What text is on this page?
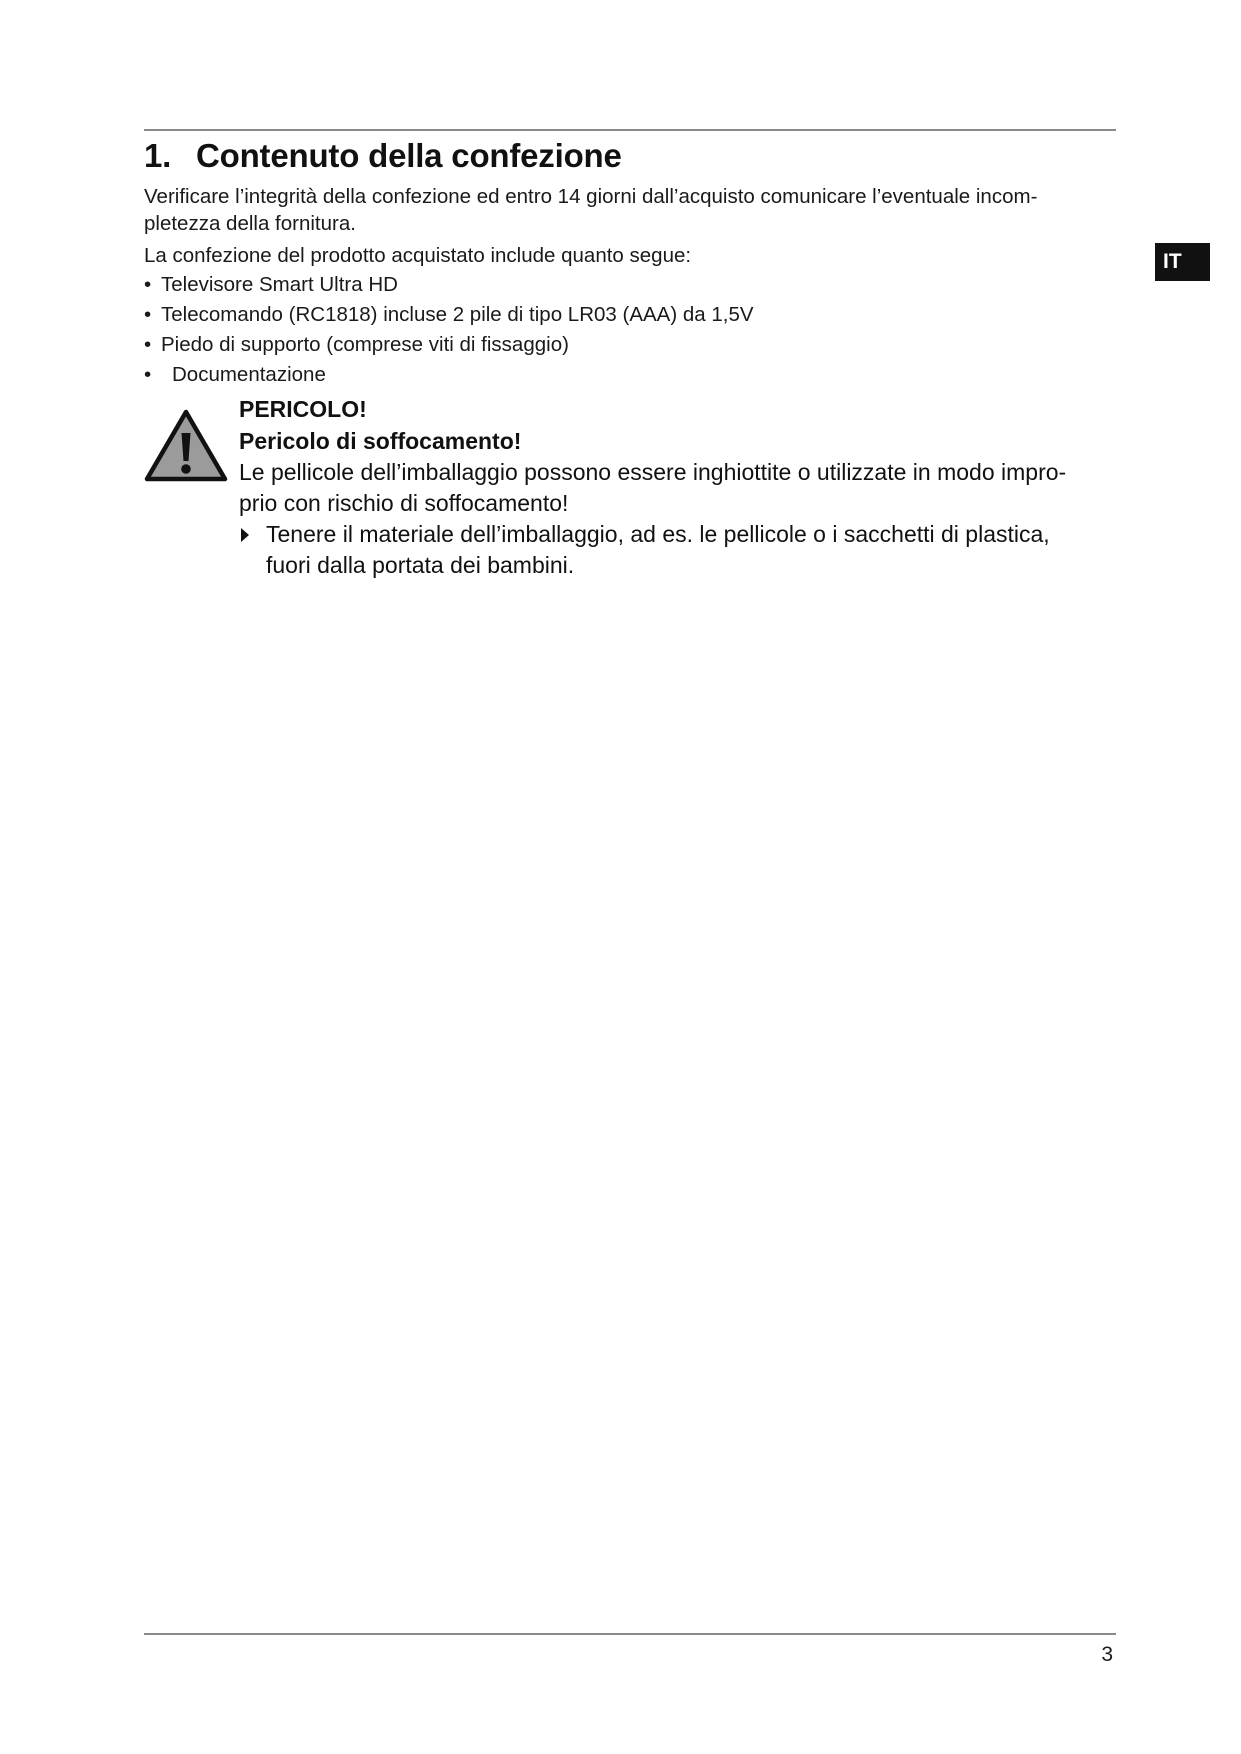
1. Contenuto della confezione
IT

Verificare l’integrità della confezione ed entro 14 giorni dall’acquisto comunicare l’eventuale incom-
pletezza della fornitura.

La confezione del prodotto acquistato include quanto segue:

• Televisore Smart Ultra HD
• Telecomando (RC1818) incluse 2 pile di tipo LR03 (AAA) da 1,5V
• Piedo di supporto (comprese viti di fissaggio)
• Documentazione

PERICOLO!

Pericolo di soffocamento!

Le pellicole dell’imballaggio possono essere inghiottite o utilizzate in modo impro-
prio con rischio di soffocamento!

Tenere il materiale dell’imballaggio, ad es. le pellicole o i sacchetti di plastica,
fuori dalla portata dei bambini.

3
